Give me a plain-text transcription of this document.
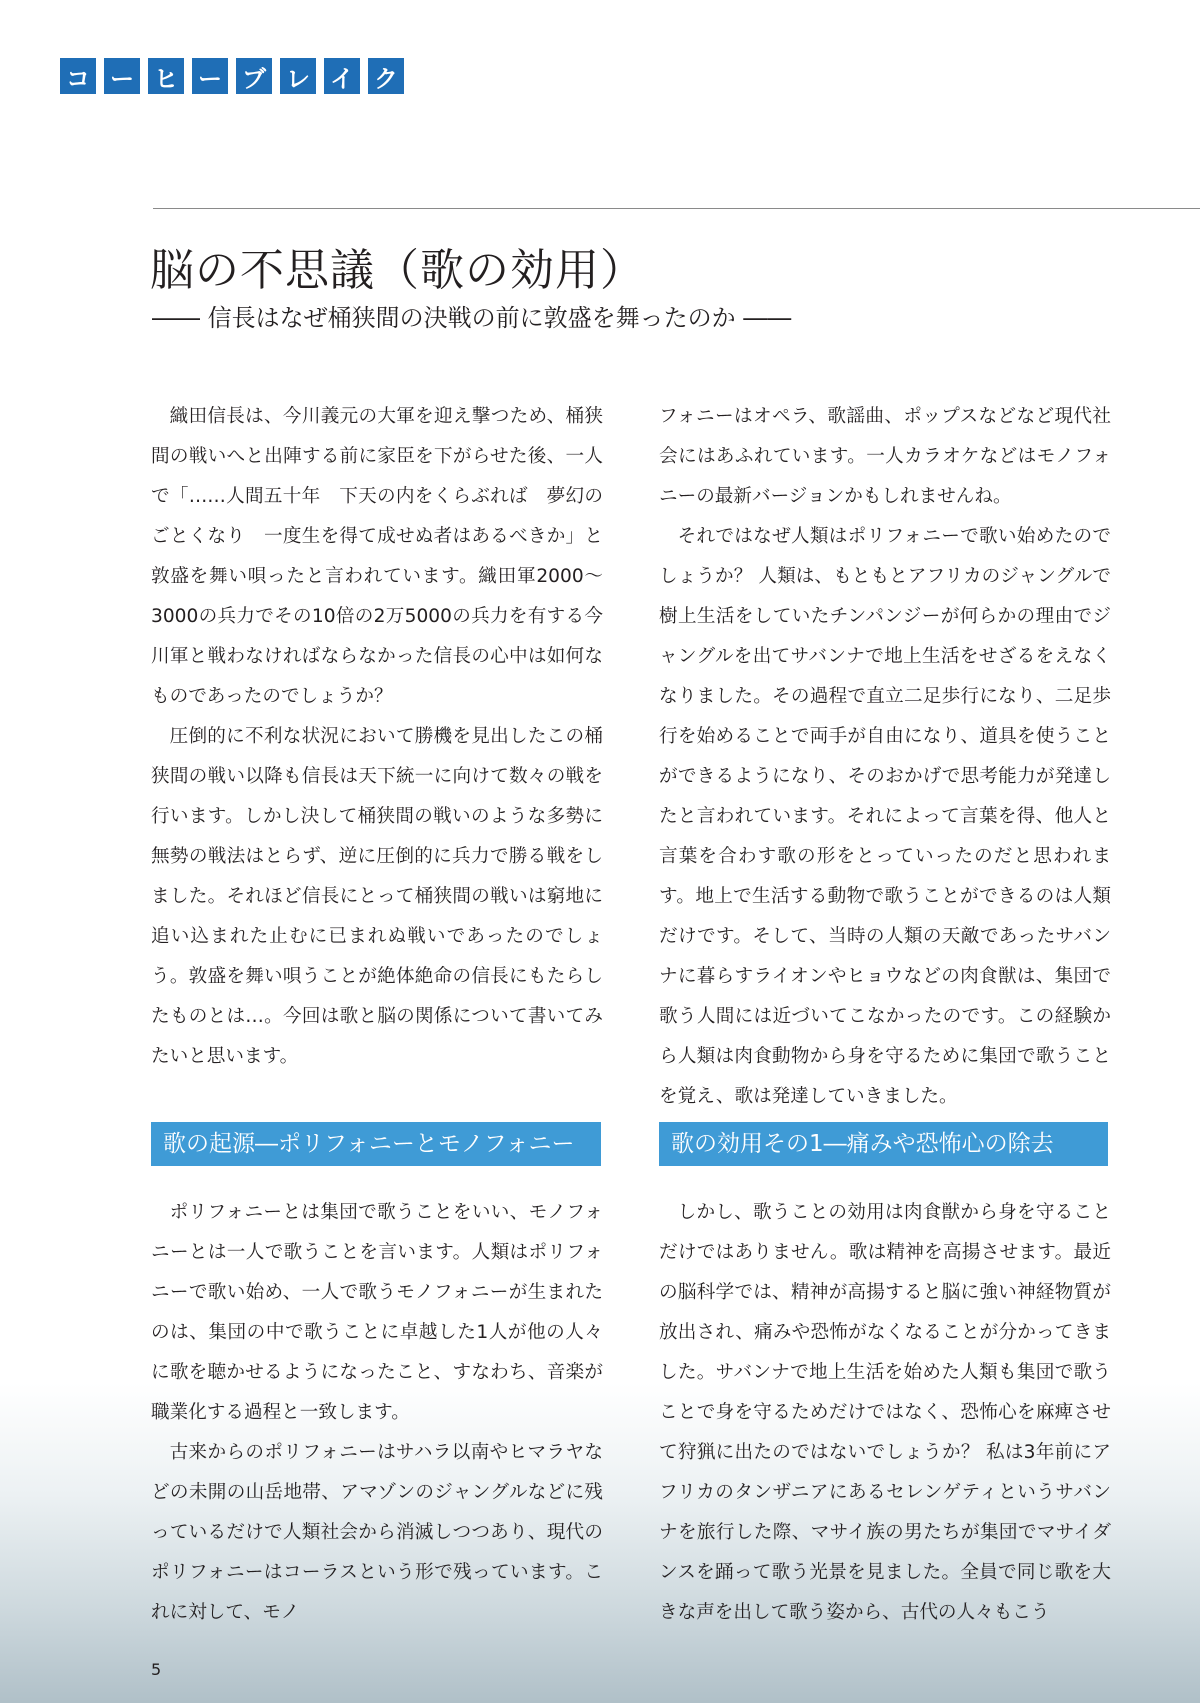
コ ー ヒ ー ブ レ イ ク
脳の不思議（歌の効用）

―― 信長はなぜ桶狭間の決戦の前に敦盛を舞ったのか ――

織田信長は、今川義元の大軍を迎え撃つため、桶狭間の戦いへと出陣する前に家臣を下がらせた後、一人で「……人間五十年　下天の内をくらぶれば　夢幻のごとくなり　一度生を得て成せぬ者はあるべきか」と敦盛を舞い唄ったと言われています。織田軍2000～3000の兵力でその10倍の2万5000の兵力を有する今川軍と戦わなければならなかった信長の心中は如何なものであったのでしょうか？

圧倒的に不利な状況において勝機を見出したこの桶狭間の戦い以降も信長は天下統一に向けて数々の戦を行います。しかし決して桶狭間の戦いのような多勢に無勢の戦法はとらず、逆に圧倒的に兵力で勝る戦をしました。それほど信長にとって桶狭間の戦いは窮地に追い込まれた止むに已まれぬ戦いであったのでしょう。敦盛を舞い唄うことが絶体絶命の信長にもたらしたものとは…。今回は歌と脳の関係について書いてみたいと思います。

フォニーはオペラ、歌謡曲、ポップスなどなど現代社会にはあふれています。一人カラオケなどはモノフォニーの最新バージョンかもしれませんね。

それではなぜ人類はポリフォニーで歌い始めたのでしょうか？ 人類は、もともとアフリカのジャングルで樹上生活をしていたチンパンジーが何らかの理由でジャングルを出てサバンナで地上生活をせざるをえなくなりました。その過程で直立二足歩行になり、二足歩行を始めることで両手が自由になり、道具を使うことができるようになり、そのおかげで思考能力が発達したと言われています。それによって言葉を得、他人と言葉を合わす歌の形をとっていったのだと思われます。地上で生活する動物で歌うことができるのは人類だけです。そして、当時の人類の天敵であったサバンナに暮らすライオンやヒョウなどの肉食獣は、集団で歌う人間には近づいてこなかったのです。この経験から人類は肉食動物から身を守るために集団で歌うことを覚え、歌は発達していきました。

歌の起源―ポリフォニーとモノフォニー	歌の効用その1―痛みや恐怖心の除去

ポリフォニーとは集団で歌うことをいい、モノフォニーとは一人で歌うことを言います。人類はポリフォニーで歌い始め、一人で歌うモノフォニーが生まれたのは、集団の中で歌うことに卓越した1人が他の人々に歌を聴かせるようになったこと、すなわち、音楽が職業化する過程と一致します。

古来からのポリフォニーはサハラ以南やヒマラヤなどの未開の山岳地帯、アマゾンのジャングルなどに残っているだけで人類社会から消滅しつつあり、現代のポリフォニーはコーラスという形で残っています。これに対して、モノ

しかし、歌うことの効用は肉食獣から身を守ることだけではありません。歌は精神を高揚させます。最近の脳科学では、精神が高揚すると脳に強い神経物質が放出され、痛みや恐怖がなくなることが分かってきました。サバンナで地上生活を始めた人類も集団で歌うことで身を守るためだけではなく、恐怖心を麻痺させて狩猟に出たのではないでしょうか？ 私は3年前にアフリカのタンザニアにあるセレンゲティというサバンナを旅行した際、マサイ族の男たちが集団でマサイダンスを踊って歌う光景を見ました。全員で同じ歌を大きな声を出して歌う姿から、古代の人々もこう

5
